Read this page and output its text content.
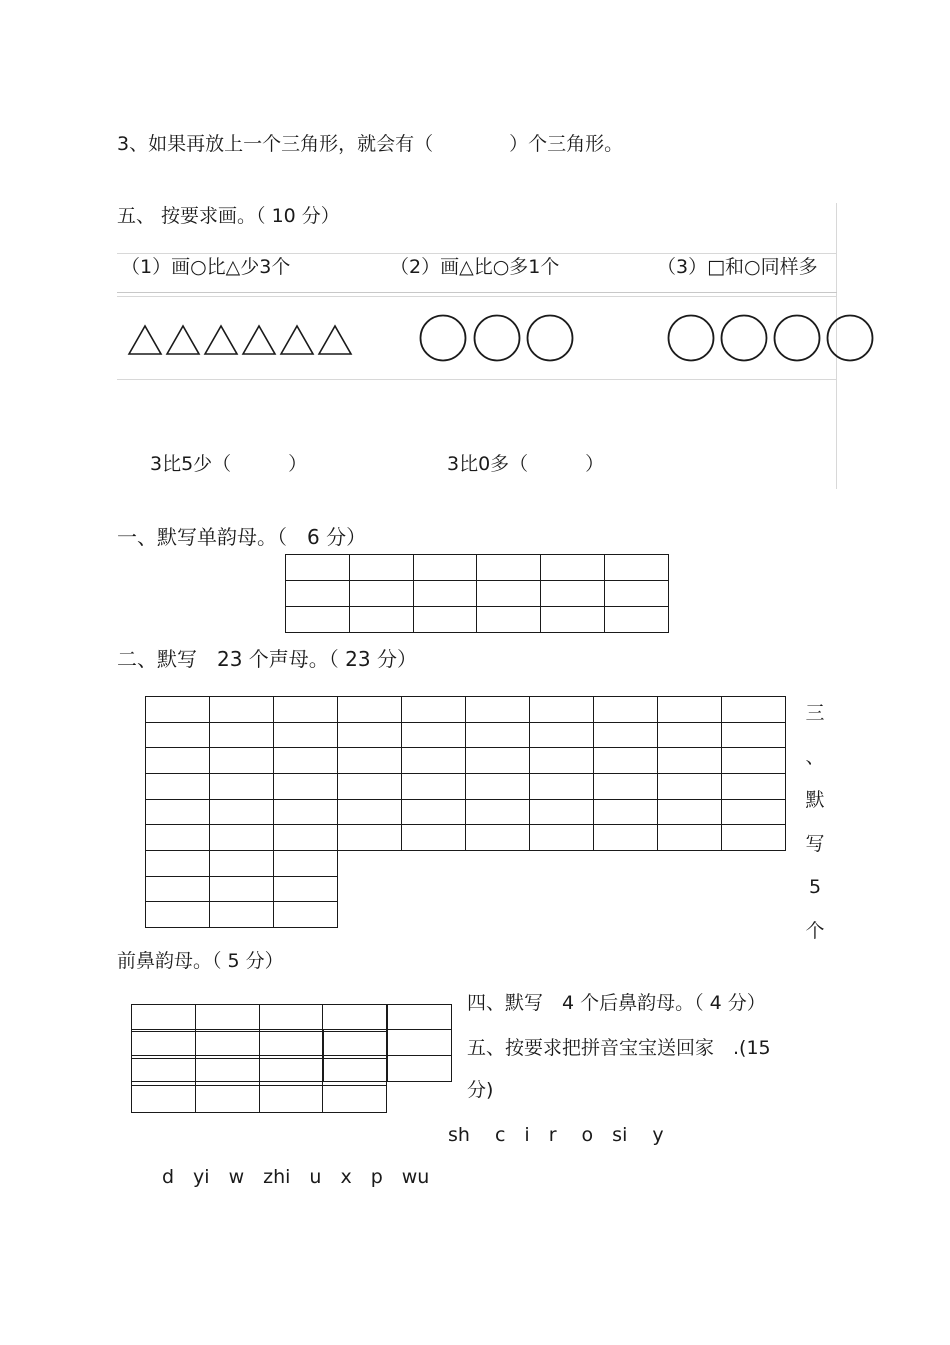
3、如果再放上一个三角形，就会有（　　　　）个三角形。
五、 按要求画。（ 10 分）
（1）画○比△少3个	（2）画△比○多1个	（3）□和○同样多
3比5少（　　　）	3比0多（　　　）
一、默写单韵母。（　6 分）

二、默写　23 个声母。（ 23 分）

三
、
默
写
5
个
前鼻韵母。（ 5 分）

四、默写　4 个后鼻韵母。（ 4 分）
五、按要求把拼音宝宝送回家　.(15
分)
sh　 c　i　r　 o　si　 y
d　yi　w　zhi　u　x　p　wu
